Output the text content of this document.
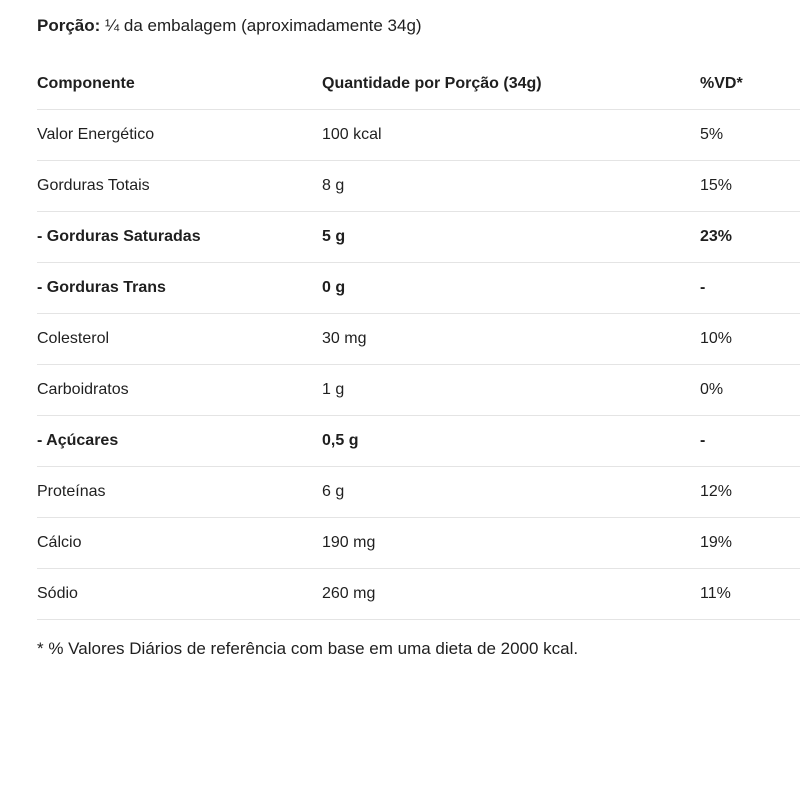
Porção: ¼ da embalagem (aproximadamente 34g)
Componente	Quantidade por Porção (34g)	%VD*
Valor Energético	100 kcal	5%
Gorduras Totais	8 g	15%
- Gorduras Saturadas	5 g	23%
- Gorduras Trans	0 g	-
Colesterol	30 mg	10%
Carboidratos	1 g	0%
- Açúcares	0,5 g	-
Proteínas	6 g	12%
Cálcio	190 mg	19%
Sódio	260 mg	11%
* % Valores Diários de referência com base em uma dieta de 2000 kcal.
